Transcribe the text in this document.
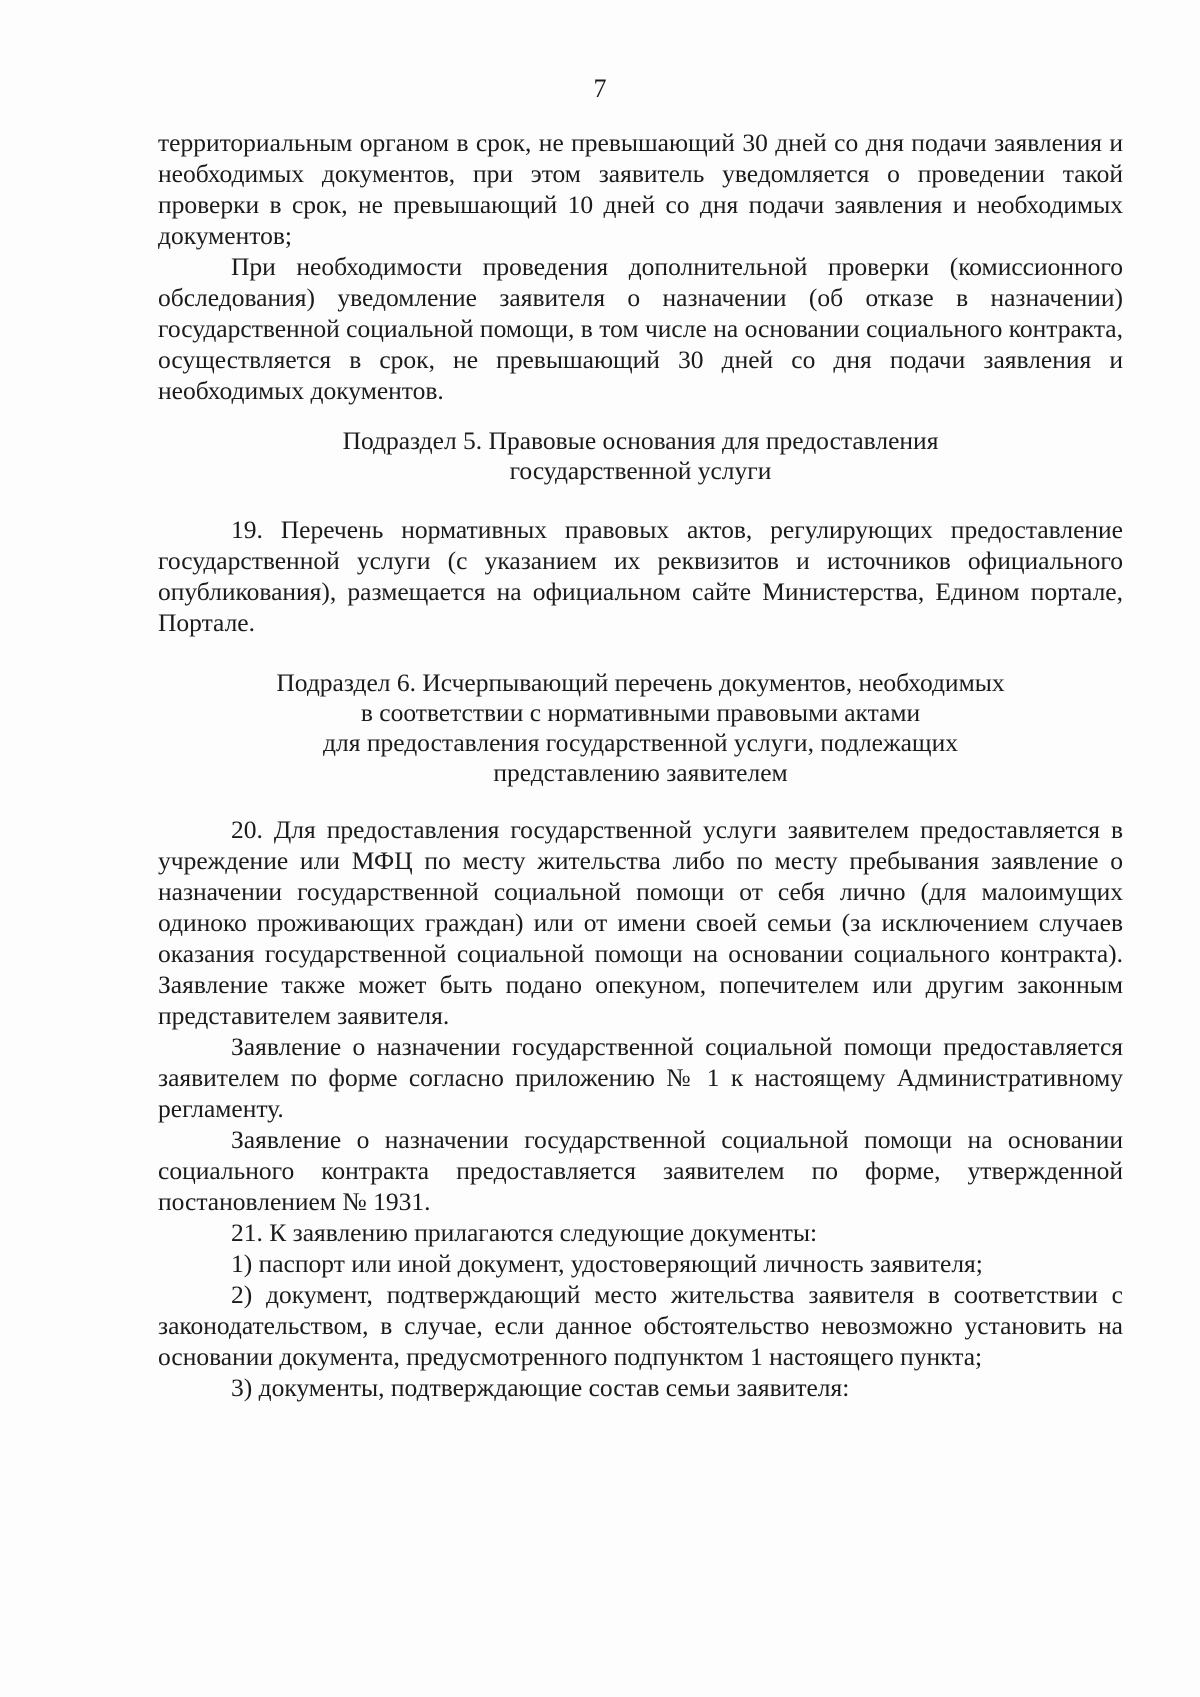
7

территориальным органом в срок, не превышающий 30 дней со дня подачи заявления и необходимых документов, при этом заявитель уведомляется о проведении такой проверки в срок, не превышающий 10 дней со дня подачи заявления и необходимых документов;

При необходимости проведения дополнительной проверки (комиссионного обследования) уведомление заявителя о назначении (об отказе в назначении) государственной социальной помощи, в том числе на основании социального контракта, осуществляется в срок, не превышающий 30 дней со дня подачи заявления и необходимых документов.

Подраздел 5. Правовые основания для предоставления
государственной услуги

19. Перечень нормативных правовых актов, регулирующих предоставление государственной услуги (с указанием их реквизитов и источников официального опубликования), размещается на официальном сайте Министерства, Едином портале, Портале.

Подраздел 6. Исчерпывающий перечень документов, необходимых
в соответствии с нормативными правовыми актами
для предоставления государственной услуги, подлежащих
представлению заявителем

20. Для предоставления государственной услуги заявителем предоставляется в учреждение или МФЦ по месту жительства либо по месту пребывания заявление о назначении государственной социальной помощи от себя лично (для малоимущих одиноко проживающих граждан) или от имени своей семьи (за исключением случаев оказания государственной социальной помощи на основании социального контракта). Заявление также может быть подано опекуном, попечителем или другим законным представителем заявителя.

Заявление о назначении государственной социальной помощи предоставляется заявителем по форме согласно приложению № 1 к настоящему Административному регламенту.

Заявление о назначении государственной социальной помощи на основании социального контракта предоставляется заявителем по форме, утвержденной постановлением № 1931.

21. К заявлению прилагаются следующие документы:

1) паспорт или иной документ, удостоверяющий личность заявителя;

2) документ, подтверждающий место жительства заявителя в соответствии с законодательством, в случае, если данное обстоятельство невозможно установить на основании документа, предусмотренного подпунктом 1 настоящего пункта;

3) документы, подтверждающие состав семьи заявителя:
